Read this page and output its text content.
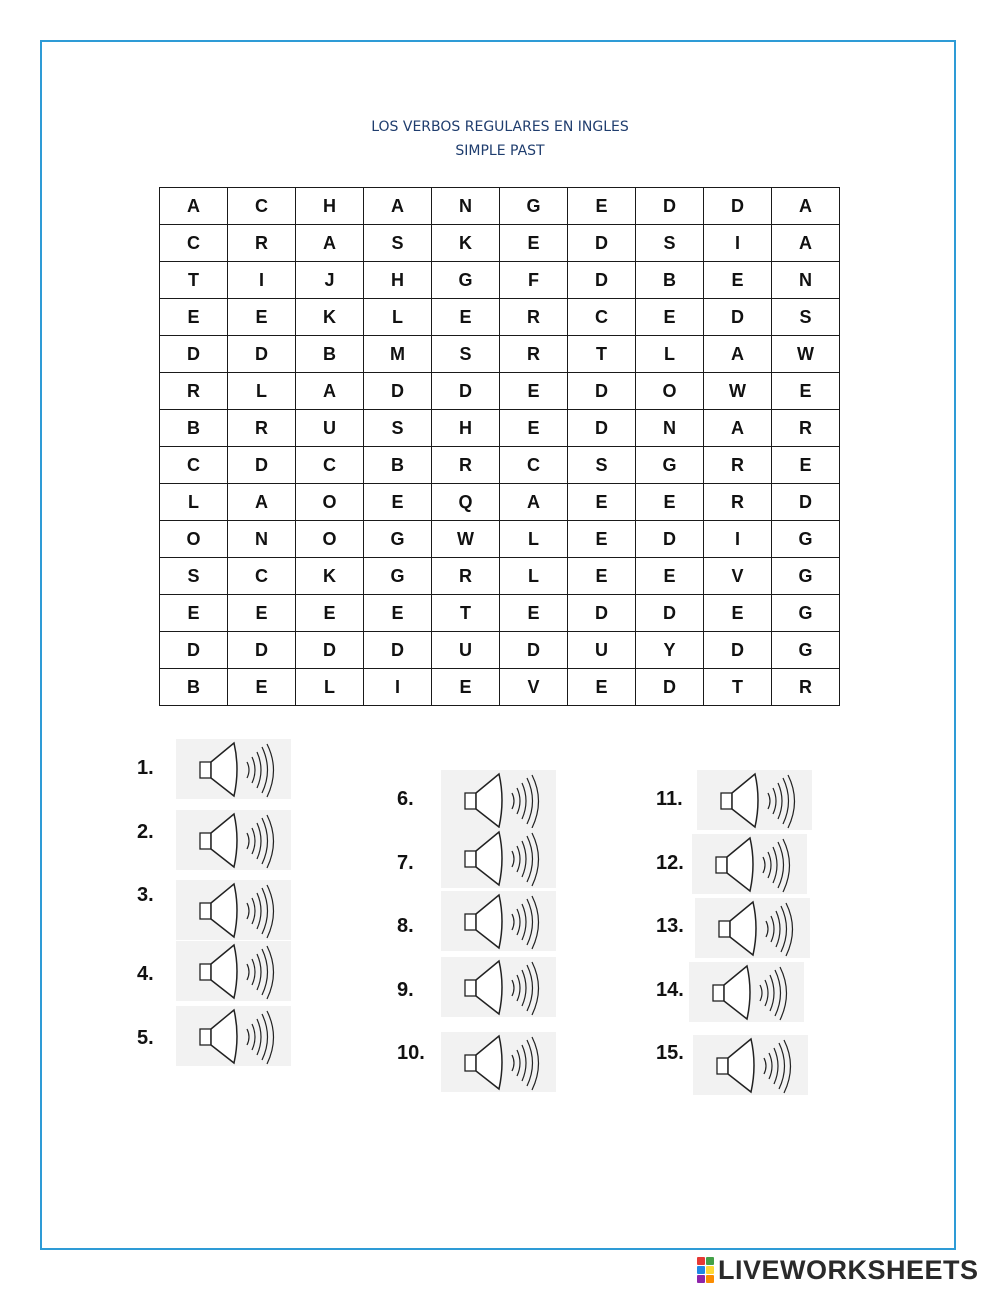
LOS VERBOS REGULARES EN INGLES
SIMPLE PAST
A	C	H	A	N	G	E	D	D	A
C	R	A	S	K	E	D	S	I	A
T	I	J	H	G	F	D	B	E	N
E	E	K	L	E	R	C	E	D	S
D	D	B	M	S	R	T	L	A	W
R	L	A	D	D	E	D	O	W	E
B	R	U	S	H	E	D	N	A	R
C	D	C	B	R	C	S	G	R	E
L	A	O	E	Q	A	E	E	R	D
O	N	O	G	W	L	E	D	I	G
S	C	K	G	R	L	E	E	V	G
E	E	E	E	T	E	D	D	E	G
D	D	D	D	U	D	U	Y	D	G
B	E	L	I	E	V	E	D	T	R
1.
2.
3.
4.
5.
6.
7.
8.
9.
10.
11.
12.
13.
14.
15.
LIVEWORKSHEETS
